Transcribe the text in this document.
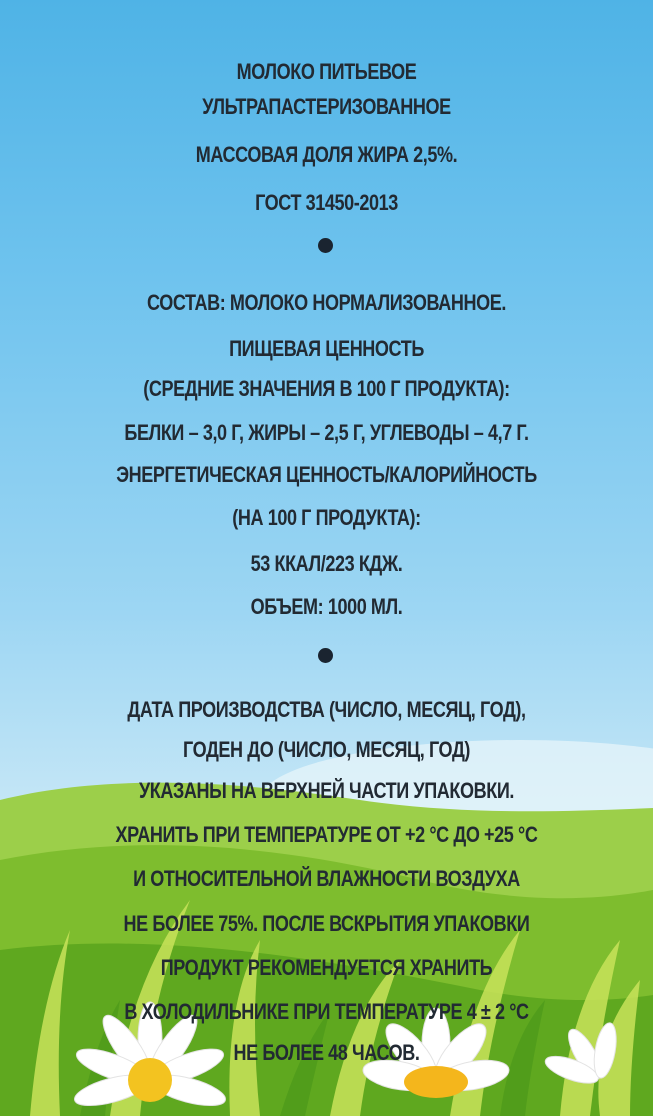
МОЛОКО ПИТЬЕВОЕ
УЛЬТРАПАСТЕРИЗОВАННОЕ
МАССОВАЯ ДОЛЯ ЖИРА 2,5%.
ГОСТ 31450-2013
СОСТАВ: МОЛОКО НОРМАЛИЗОВАННОЕ.
ПИЩЕВАЯ ЦЕННОСТЬ
(СРЕДНИЕ ЗНАЧЕНИЯ В 100 Г ПРОДУКТА):
БЕЛКИ – 3,0 Г, ЖИРЫ – 2,5 Г, УГЛЕВОДЫ – 4,7 Г.
ЭНЕРГЕТИЧЕСКАЯ ЦЕННОСТЬ/КАЛОРИЙНОСТЬ
(НА 100 Г ПРОДУКТА):
53 ККАЛ/223 КДЖ.
ОБЪЕМ: 1000 МЛ.
ДАТА ПРОИЗВОДСТВА (ЧИСЛО, МЕСЯЦ, ГОД),
ГОДЕН ДО (ЧИСЛО, МЕСЯЦ, ГОД)
УКАЗАНЫ НА ВЕРХНЕЙ ЧАСТИ УПАКОВКИ.
ХРАНИТЬ ПРИ ТЕМПЕРАТУРЕ ОТ +2 °С ДО +25 °С
И ОТНОСИТЕЛЬНОЙ ВЛАЖНОСТИ ВОЗДУХА
НЕ БОЛЕЕ 75%. ПОСЛЕ ВСКРЫТИЯ УПАКОВКИ
ПРОДУКТ РЕКОМЕНДУЕТСЯ ХРАНИТЬ
В ХОЛОДИЛЬНИКЕ ПРИ ТЕМПЕРАТУРЕ 4 ± 2 °С
НЕ БОЛЕЕ 48 ЧАСОВ.
